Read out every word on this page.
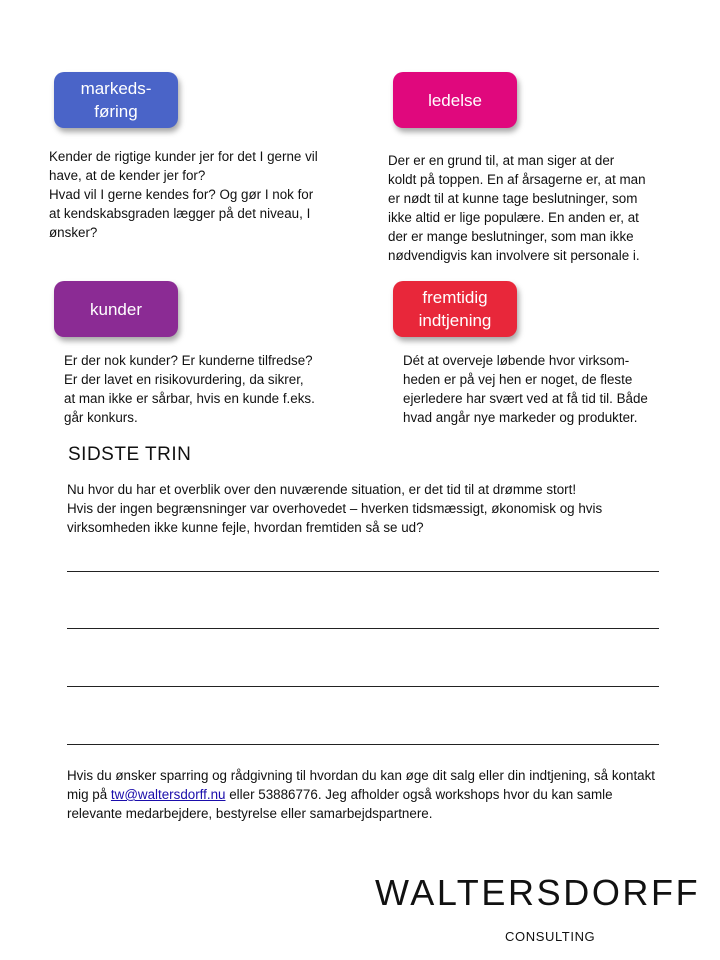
markeds-
føring
ledelse
kunder
fremtidig
indtjening
Kender de rigtige kunder jer for det I gerne vil
have, at de kender jer for?
Hvad vil I gerne kendes for? Og gør I nok for
at kendskabsgraden lægger på det niveau, I
ønsker?
Der er en grund til, at man siger at der
koldt på toppen. En af årsagerne er, at man
er nødt til at kunne tage beslutninger, som
ikke altid er lige populære. En anden er, at
der er mange beslutninger, som man ikke
nødvendigvis kan involvere sit personale i.
Er der nok kunder? Er kunderne tilfredse?
Er der lavet en risikovurdering, da sikrer,
at man ikke er sårbar, hvis en kunde f.eks.
går konkurs.
Dét at overveje løbende hvor virksom-
heden er på vej hen er noget, de fleste
ejerledere har svært ved at få tid til. Både
hvad angår nye markeder og produkter.
SIDSTE TRIN
Nu hvor du har et overblik over den nuværende situation, er det tid til at drømme stort!
Hvis der ingen begrænsninger var overhovedet – hverken tidsmæssigt, økonomisk og hvis
virksomheden ikke kunne fejle, hvordan fremtiden så se ud?
Hvis du ønsker sparring og rådgivning til hvordan du kan øge dit salg eller din indtjening, så kontakt mig på tw@waltersdorff.nu eller 53886776. Jeg afholder også workshops hvor du kan samle relevante medarbejdere, bestyrelse eller samarbejdspartnere.
WALTERSDORFF
CONSULTING
